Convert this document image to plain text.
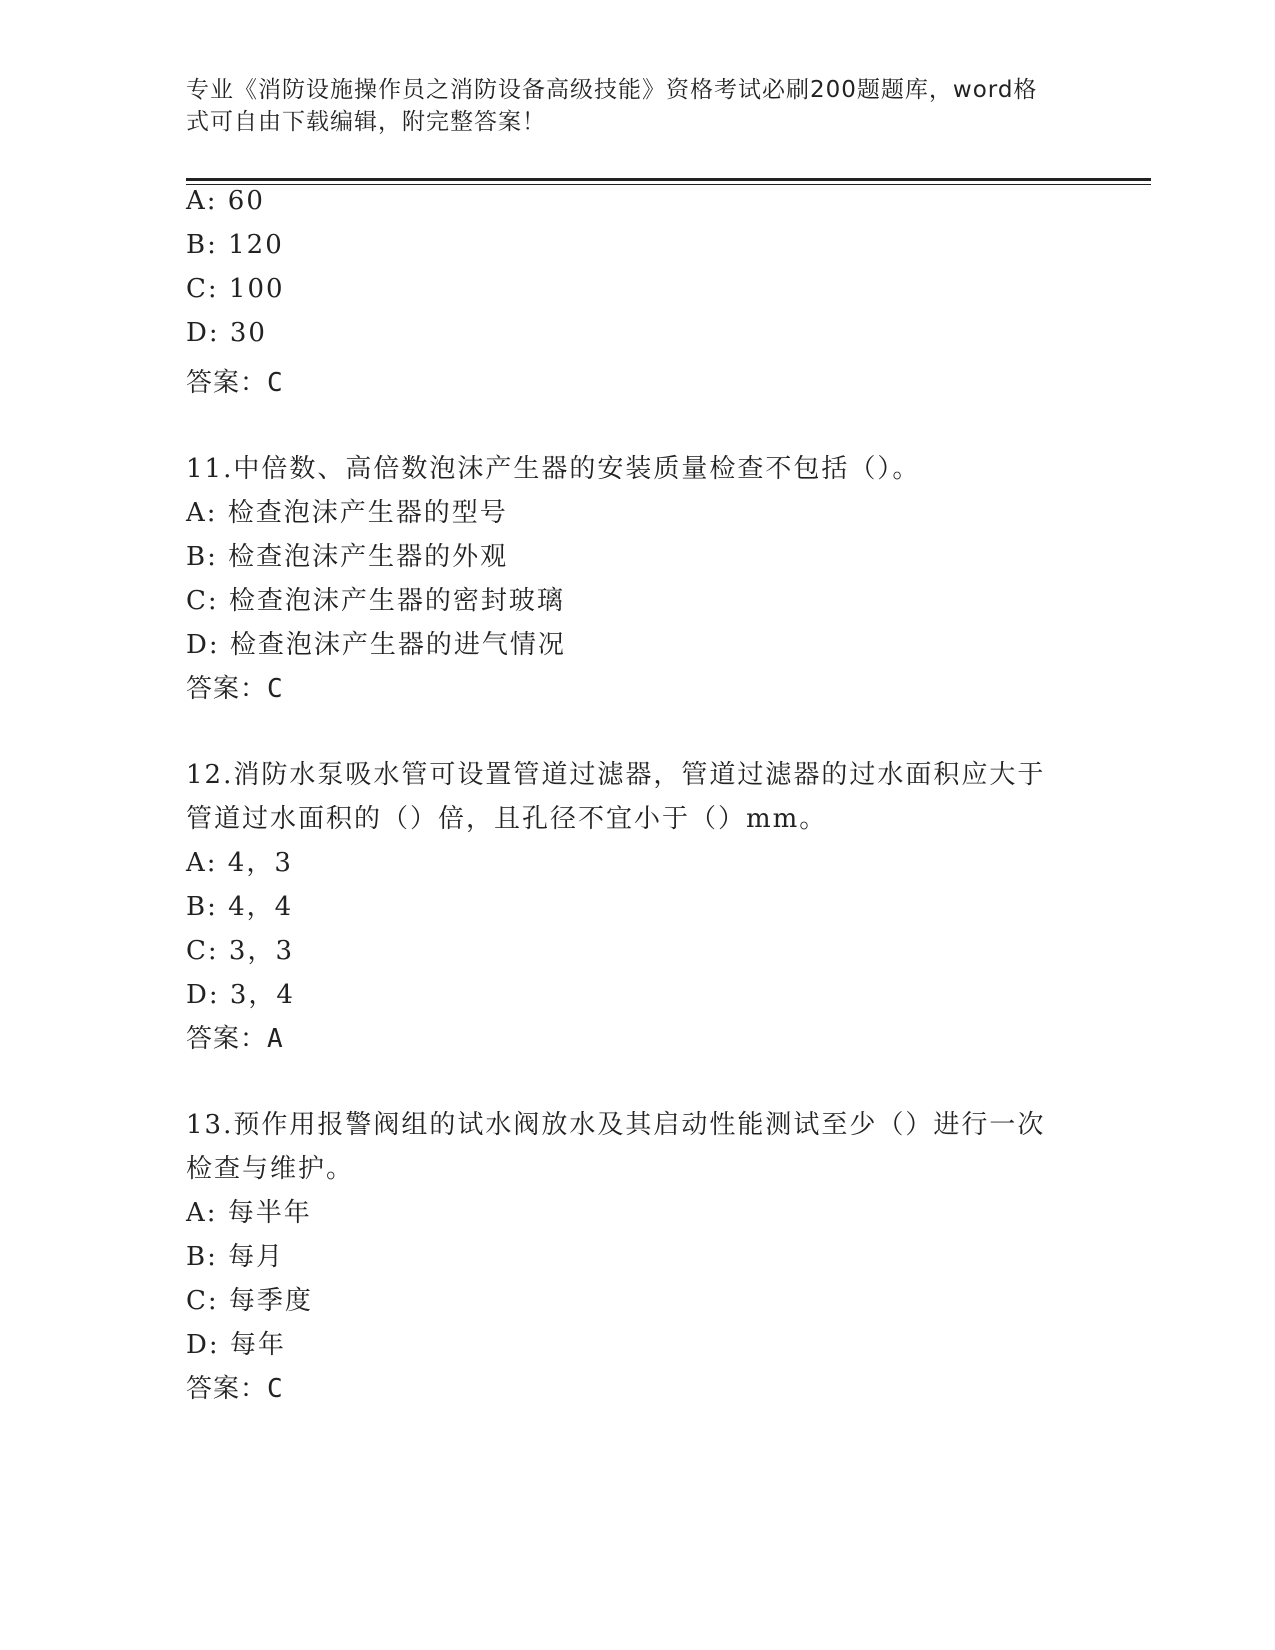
专业《消防设施操作员之消防设备高级技能》资格考试必刷200题题库，word格
式可自由下载编辑，附完整答案！
A: 60
B: 120
C: 100
D: 30
答案：C
11.中倍数、高倍数泡沫产生器的安装质量检查不包括（）。
A: 检查泡沫产生器的型号
B: 检查泡沫产生器的外观
C: 检查泡沫产生器的密封玻璃
D: 检查泡沫产生器的进气情况
答案：C
12.消防水泵吸水管可设置管道过滤器，管道过滤器的过水面积应大于
管道过水面积的（）倍，且孔径不宜小于（）mm。
A: 4，3
B: 4，4
C: 3，3
D: 3，4
答案：A
13.预作用报警阀组的试水阀放水及其启动性能测试至少（）进行一次
检查与维护。
A: 每半年
B: 每月
C: 每季度
D: 每年
答案：C
